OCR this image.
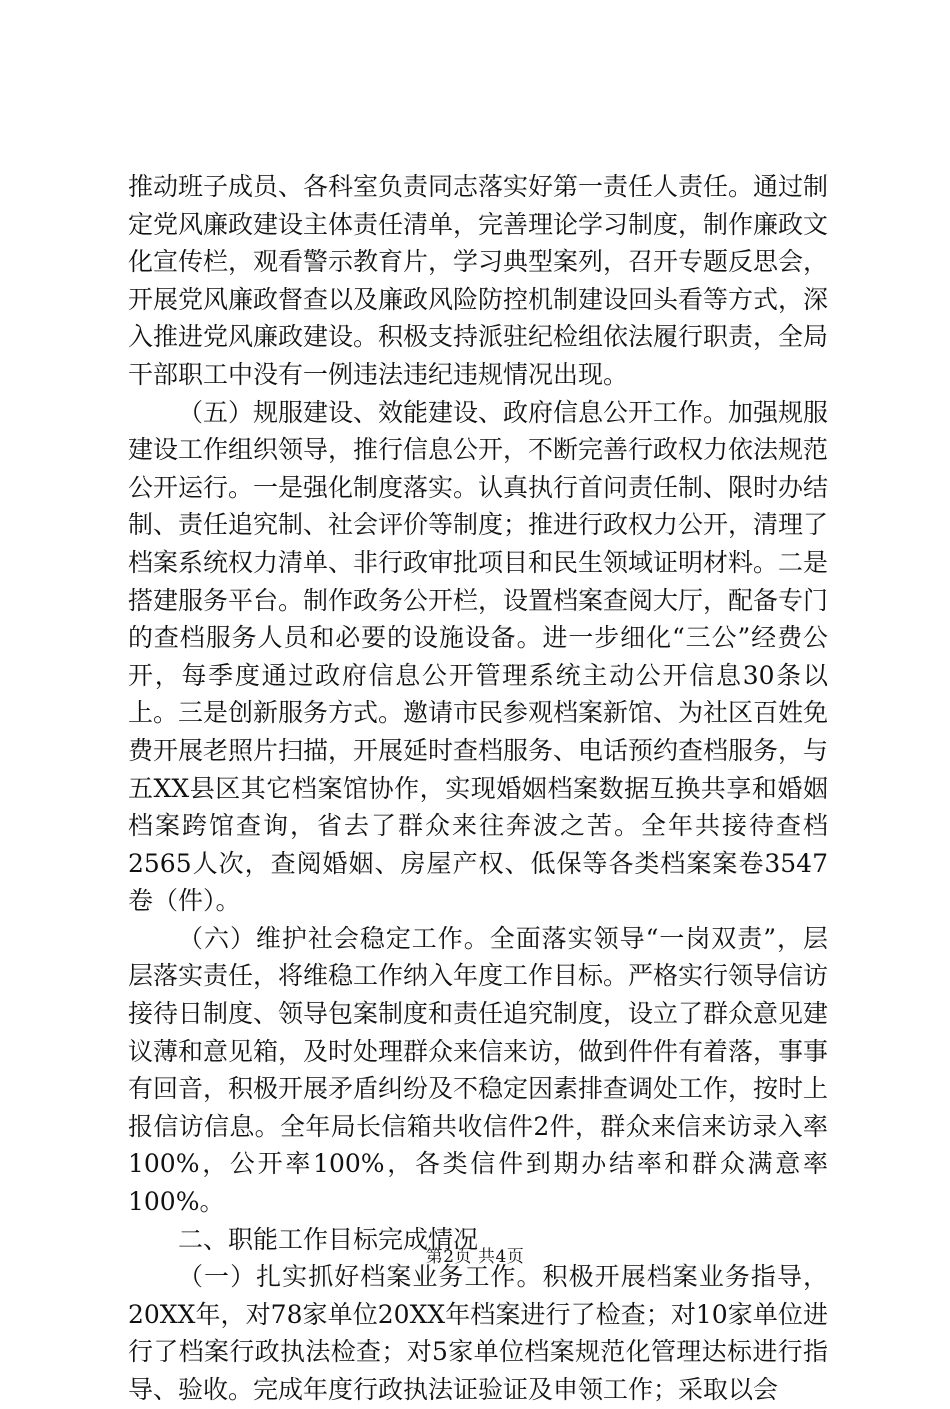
推动班子成员、各科室负责同志落实好第一责任人责任。通过制定党风廉政建设主体责任清单，完善理论学习制度，制作廉政文化宣传栏，观看警示教育片，学习典型案列，召开专题反思会，开展党风廉政督查以及廉政风险防控机制建设回头看等方式，深入推进党风廉政建设。积极支持派驻纪检组依法履行职责，全局干部职工中没有一例违法违纪违规情况出现。

（五）规服建设、效能建设、政府信息公开工作。加强规服建设工作组织领导，推行信息公开，不断完善行政权力依法规范公开运行。一是强化制度落实。认真执行首问责任制、限时办结制、责任追究制、社会评价等制度；推进行政权力公开，清理了档案系统权力清单、非行政审批项目和民生领域证明材料。二是搭建服务平台。制作政务公开栏，设置档案查阅大厅，配备专门的查档服务人员和必要的设施设备。进一步细化“三公”经费公开，每季度通过政府信息公开管理系统主动公开信息30条以上。三是创新服务方式。邀请市民参观档案新馆、为社区百姓免费开展老照片扫描，开展延时查档服务、电话预约查档服务，与五XX县区其它档案馆协作，实现婚姻档案数据互换共享和婚姻档案跨馆查询，省去了群众来往奔波之苦。全年共接待查档2565人次，查阅婚姻、房屋产权、低保等各类档案案卷3547卷（件）。

（六）维护社会稳定工作。全面落实领导“一岗双责”，层层落实责任，将维稳工作纳入年度工作目标。严格实行领导信访接待日制度、领导包案制度和责任追究制度，设立了群众意见建议薄和意见箱，及时处理群众来信来访，做到件件有着落，事事有回音，积极开展矛盾纠纷及不稳定因素排查调处工作，按时上报信访信息。全年局长信箱共收信件2件，群众来信来访录入率100%，公开率100%，各类信件到期办结率和群众满意率100%。

二、职能工作目标完成情况

（一）扎实抓好档案业务工作。积极开展档案业务指导，20XX年，对78家单位20XX年档案进行了检查；对10家单位进行了档案行政执法检查；对5家单位档案规范化管理达标进行指导、验收。完成年度行政执法证验证及申领工作；采取以会

第2页 共4页
